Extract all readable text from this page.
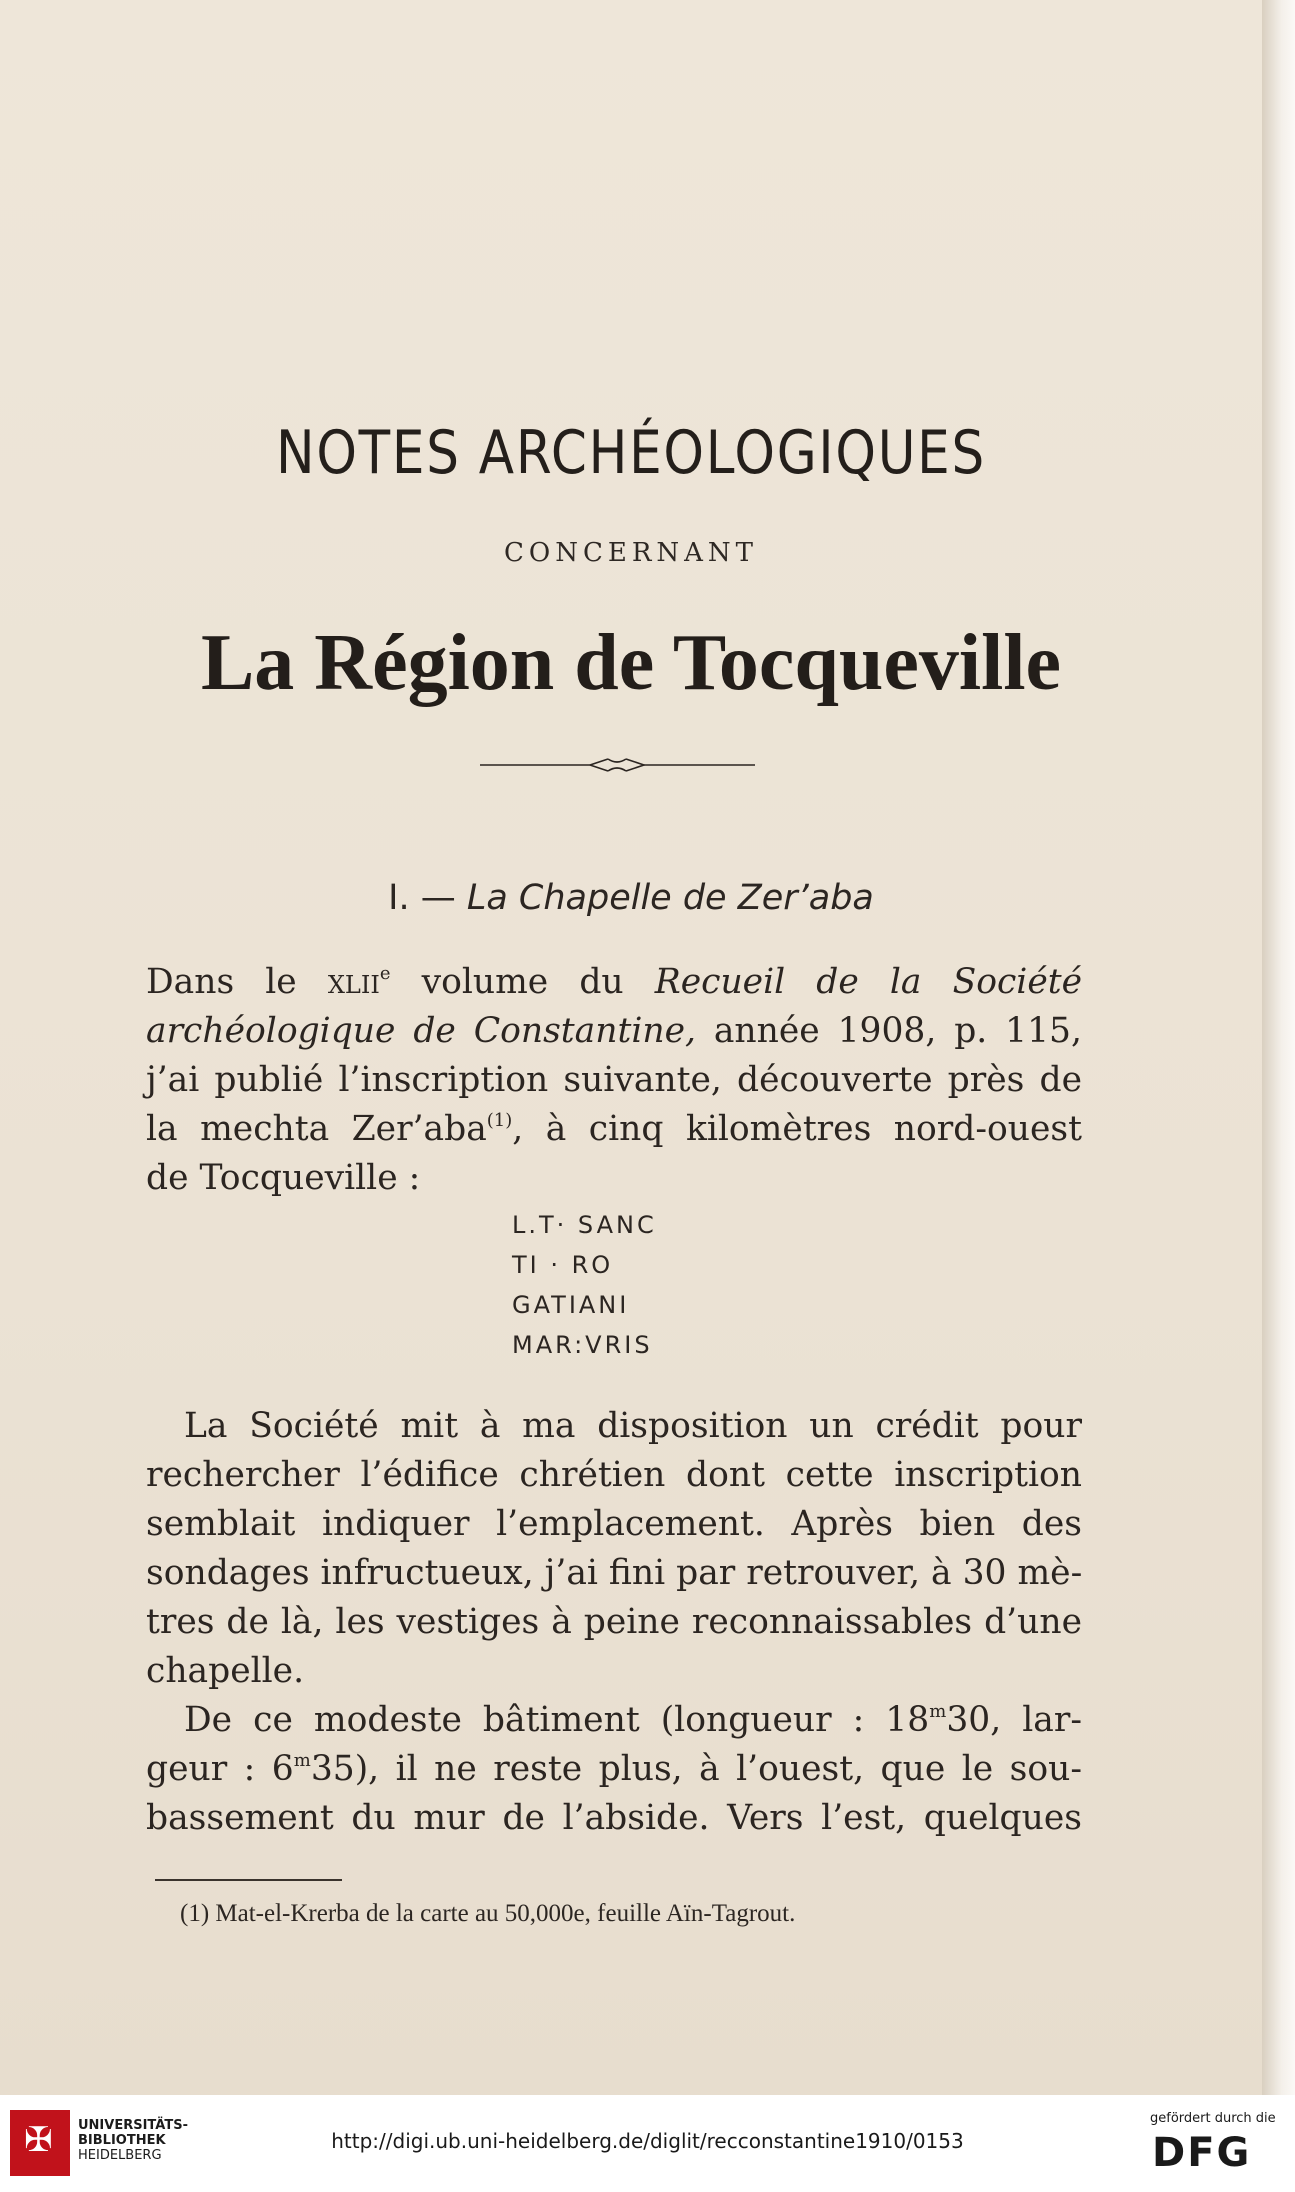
NOTES ARCHÉOLOGIQUES
CONCERNANT
La Région de Tocqueville
I. — La Chapelle de Zer’aba
Dans le xlii$^e$ volume du Recueil de la Société
archéologique de Constantine, année 1908, p. 115,
j’ai publié l’inscription suivante, découverte près de
la mechta Zer’aba$^{(1)}$, à cinq kilomètres nord-ouest
de Tocqueville :
L.T· SANC
TI · RO
GATIANI
MAR:VRIS
La Société mit à ma disposition un crédit pour
rechercher l’édifice chrétien dont cette inscription
semblait indiquer l’emplacement. Après bien des
sondages infructueux, j’ai fini par retrouver, à 30 mè-
tres de là, les vestiges à peine reconnaissables d’une
chapelle.
De ce modeste bâtiment (longueur : 18$^m$30, lar-
geur : 6$^m$35), il ne reste plus, à l’ouest, que le sou-
bassement du mur de l’abside. Vers l’est, quelques
(1) Mat-el-Krerba de la carte au 50,000e, feuille Aïn-Tagrout.
✠ UNIVERSITÄTS-
BIBLIOTHEK
HEIDELBERG
http://digi.ub.uni-heidelberg.de/diglit/recconstantine1910/0153
gefördert durch die
DFG
